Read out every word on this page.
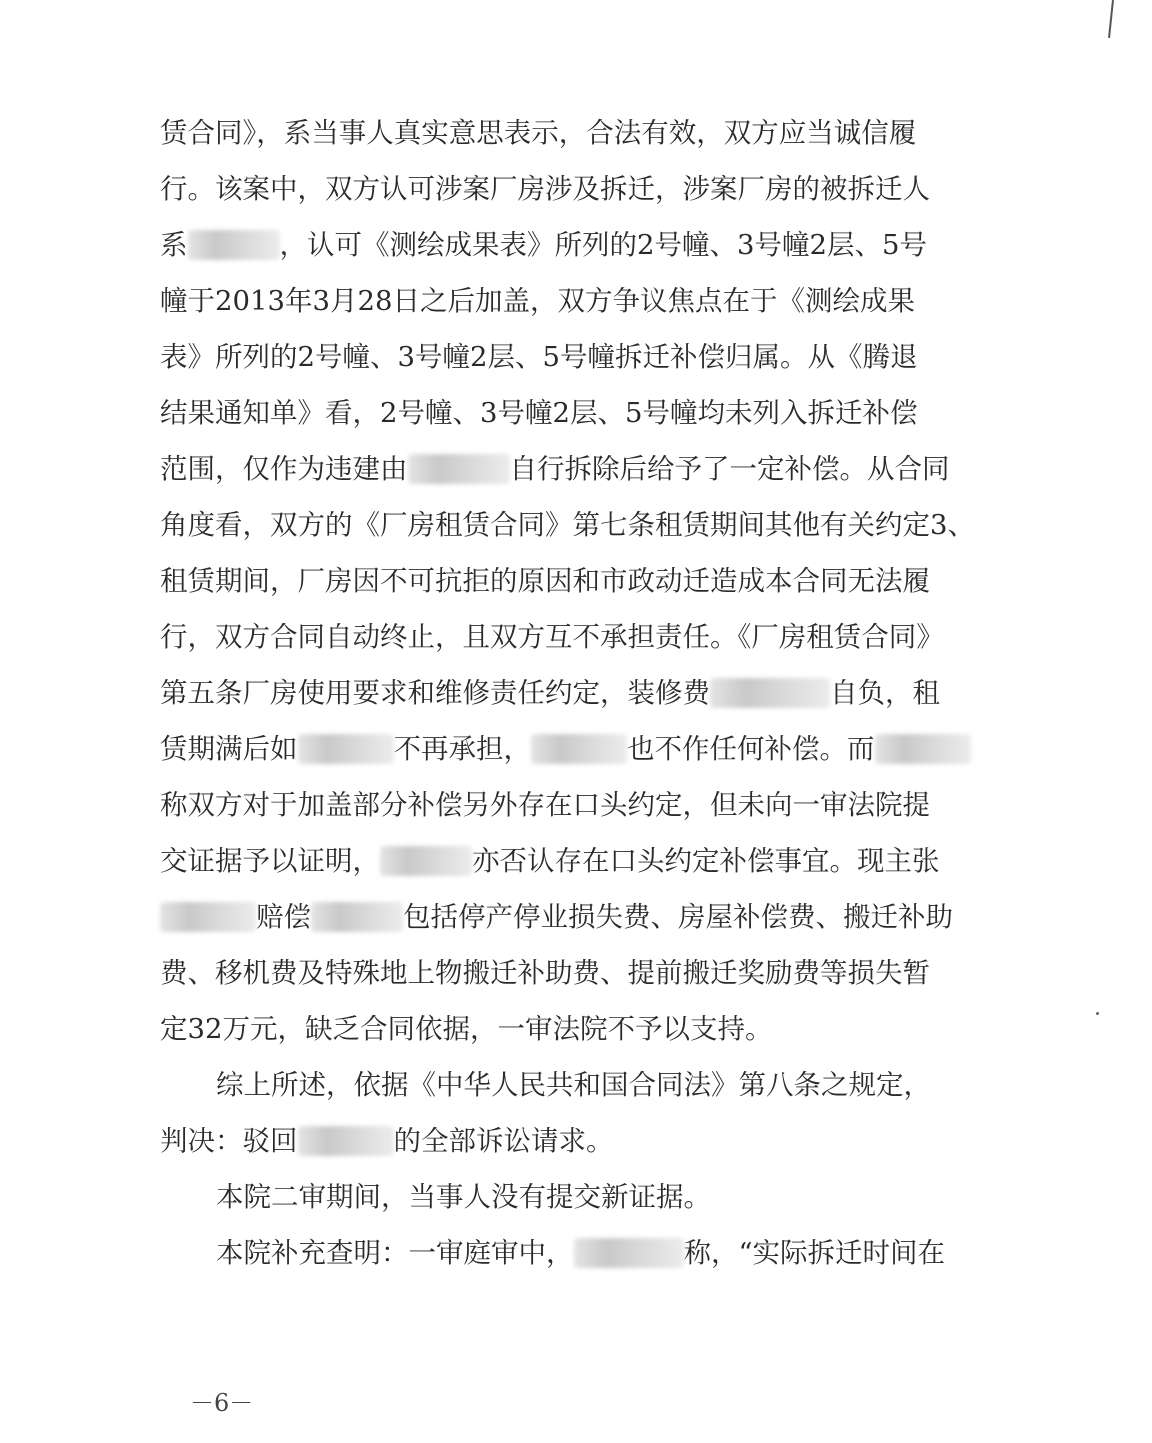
赁合同》，系当事人真实意思表示，合法有效，双方应当诚信履
行。该案中，双方认可涉案厂房涉及拆迁，涉案厂房的被拆迁人
系	，认可《测绘成果表》所列的2号幢、3号幢2层、5号
幢于2013年3月28日之后加盖，双方争议焦点在于《测绘成果
表》所列的2号幢、3号幢2层、5号幢拆迁补偿归属。从《腾退
结果通知单》看，2号幢、3号幢2层、5号幢均未列入拆迁补偿
范围，仅作为违建由	自行拆除后给予了一定补偿。从合同
角度看，双方的《厂房租赁合同》第七条租赁期间其他有关约定3、
租赁期间，厂房因不可抗拒的原因和市政动迁造成本合同无法履
行，双方合同自动终止，且双方互不承担责任。《厂房租赁合同》
第五条厂房使用要求和维修责任约定，装修费	自负，租
赁期满后如	不再承担，	也不作任何补偿。而
称双方对于加盖部分补偿另外存在口头约定，但未向一审法院提
交证据予以证明，	亦否认存在口头约定补偿事宜。现主张
赔偿	包括停产停业损失费、房屋补偿费、搬迁补助
费、移机费及特殊地上物搬迁补助费、提前搬迁奖励费等损失暂
定32万元，缺乏合同依据，一审法院不予以支持。
综上所述，依据《中华人民共和国合同法》第八条之规定，
判决：驳回	的全部诉讼请求。
本院二审期间，当事人没有提交新证据。
本院补充查明：一审庭审中，	称，“实际拆迁时间在
－6－
